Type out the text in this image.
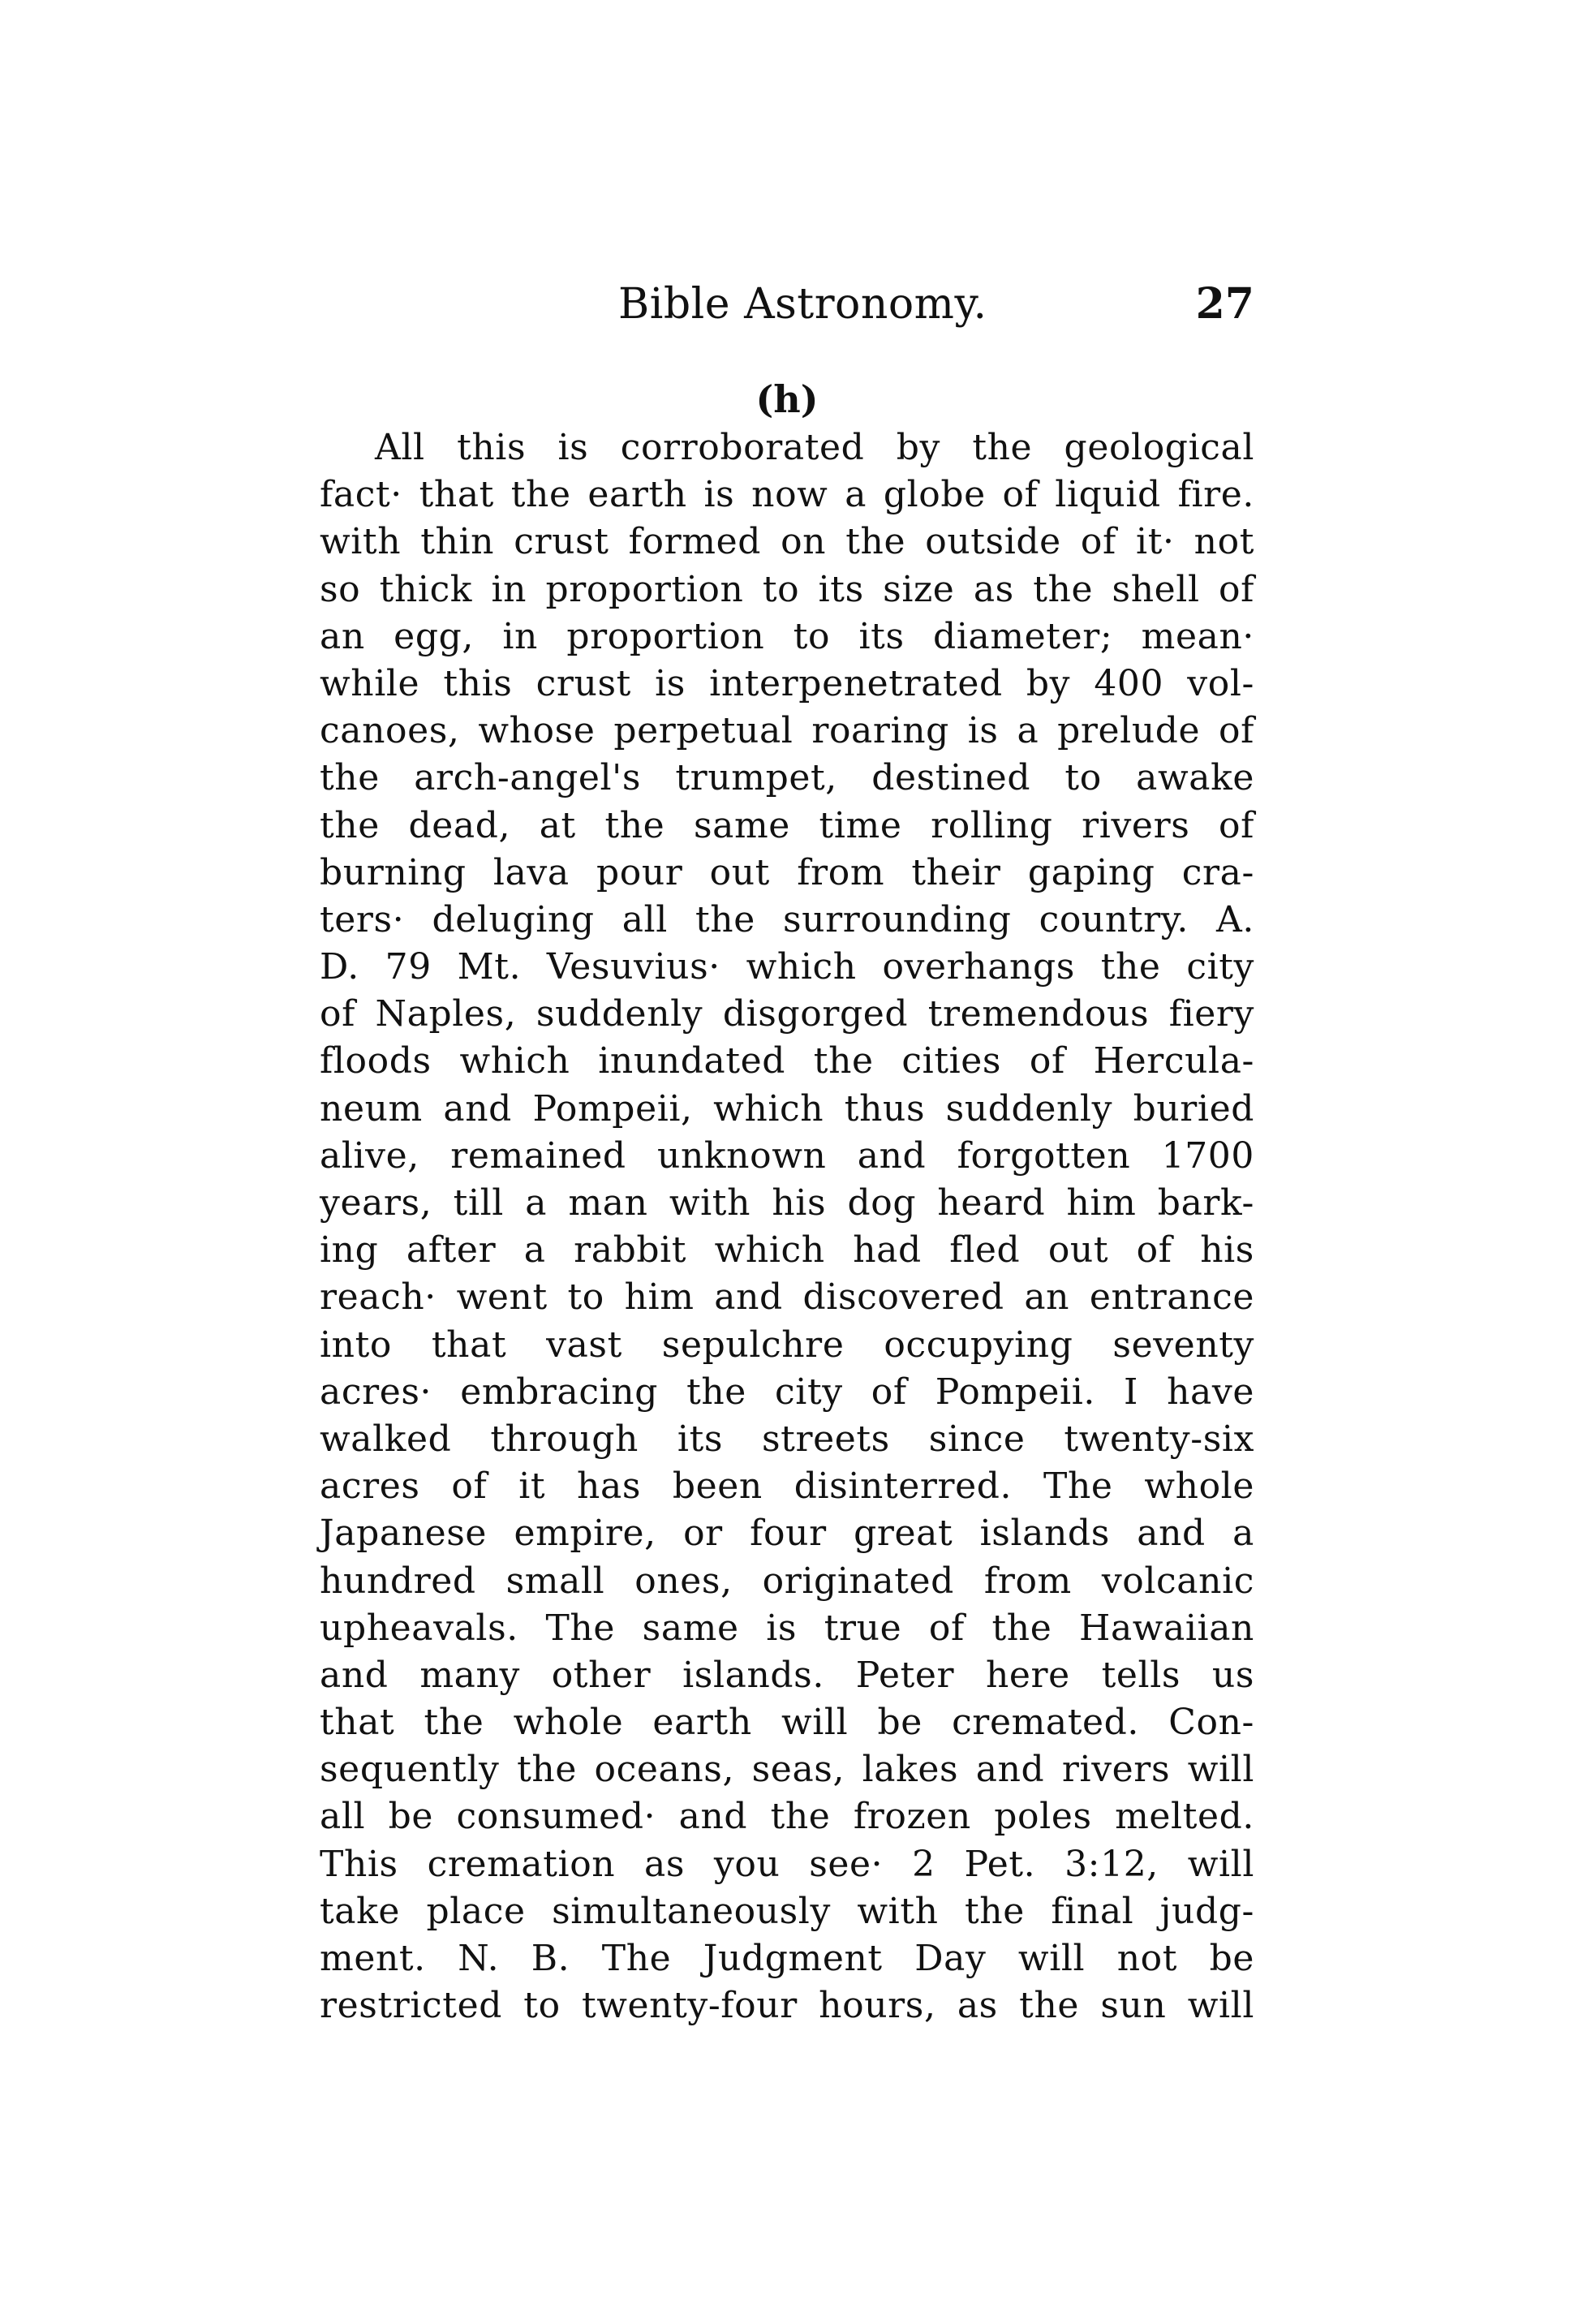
Bible Astronomy.	27
(h)
All this is corroborated by the geological
fact· that the earth is now a globe of liquid fire.
with thin crust formed on the outside of it· not
so thick in proportion to its size as the shell of
an egg, in proportion to its diameter; mean·
while this crust is interpenetrated by 400 vol-
canoes, whose perpetual roaring is a prelude of
the arch-angel's trumpet, destined to awake
the dead, at the same time rolling rivers of
burning lava pour out from their gaping cra-
ters· deluging all the surrounding country. A.
D. 79 Mt. Vesuvius· which overhangs the city
of Naples, suddenly disgorged tremendous fiery
floods which inundated the cities of Hercula-
neum and Pompeii, which thus suddenly buried
alive, remained unknown and forgotten 1700
years, till a man with his dog heard him bark-
ing after a rabbit which had fled out of his
reach· went to him and discovered an entrance
into that vast sepulchre occupying seventy
acres· embracing the city of Pompeii. I have
walked through its streets since twenty-six
acres of it has been disinterred. The whole
Japanese empire, or four great islands and a
hundred small ones, originated from volcanic
upheavals. The same is true of the Hawaiian
and many other islands. Peter here tells us
that the whole earth will be cremated. Con-
sequently the oceans, seas, lakes and rivers will
all be consumed· and the frozen poles melted.
This cremation as you see· 2 Pet. 3:12, will
take place simultaneously with the final judg-
ment. N. B. The Judgment Day will not be
restricted to twenty-four hours, as the sun will
